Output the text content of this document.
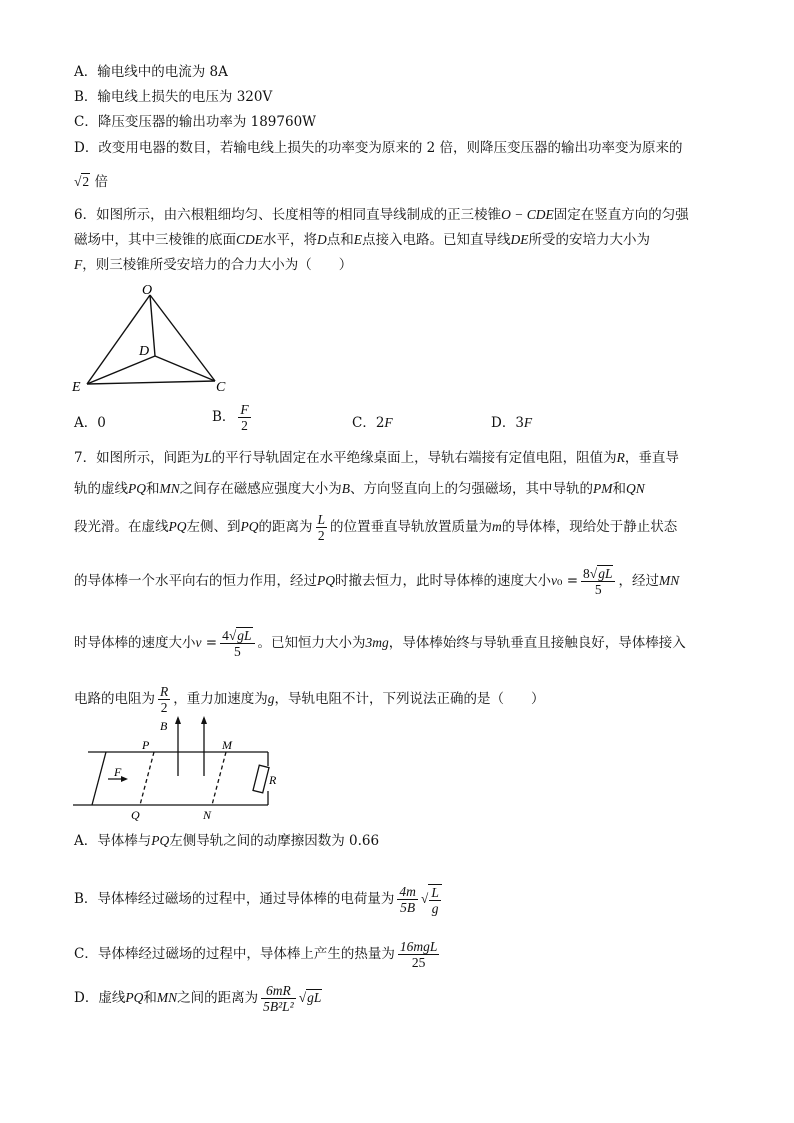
A．输电线中的电流为 8A
B．输电线上损失的电压为 320V
C．降压变压器的输出功率为 189760W
D．改变用电器的数目，若输电线上损失的功率变为原来的 2 倍，则降压变压器的输出功率变为原来的
√2 倍
6．如图所示，由六根粗细均匀、长度相等的相同直导线制成的正三棱锥O − CDE固定在竖直方向的匀强
磁场中，其中三棱锥的底面CDE水平，将D点和E点接入电路。已知直导线DE所受的安培力大小为
F，则三棱锥所受安培力的合力大小为（　　）
O
D
E	C
A．0	B． $\frac{F}{2}$	C．2F	D．3F
7．如图所示，间距为L的平行导轨固定在水平绝缘桌面上，导轨右端接有定值电阻，阻值为R，垂直导
轨的虚线PQ和MN之间存在磁感应强度大小为B、方向竖直向上的匀强磁场，其中导轨的PM和QN
段光滑。在虚线PQ左侧、到PQ的距离为 $\frac{L}{2}$ 的位置垂直导轨放置质量为m的导体棒，现给处于静止状态
的导体棒一个水平向右的恒力作用，经过PQ时撤去恒力，此时导体棒的速度大小$v_0 = \frac{8√gL}{5}$ ，经过MN
时导体棒的速度大小$v = \frac{4√gL}{5}$ 。已知恒力大小为3mg，导体棒始终与导轨垂直且接触良好，导体棒接入
电路的电阻为 $\frac{R}{2}$ ，重力加速度为g，导轨电阻不计，下列说法正确的是（　　）
B
P	M
F
R
Q	N
A．导体棒与PQ左侧导轨之间的动摩擦因数为 0.66
B．导体棒经过磁场的过程中，通过导体棒的电荷量为 $\frac{4m}{5B}$ √ $\frac{L}{g}$
C．导体棒经过磁场的过程中，导体棒上产生的热量为 $\frac{\text{16mgL}}{25}$
D．虚线PQ和MN之间的距离为 $\frac{6mR}{\text{5B²L²}} √gL$
